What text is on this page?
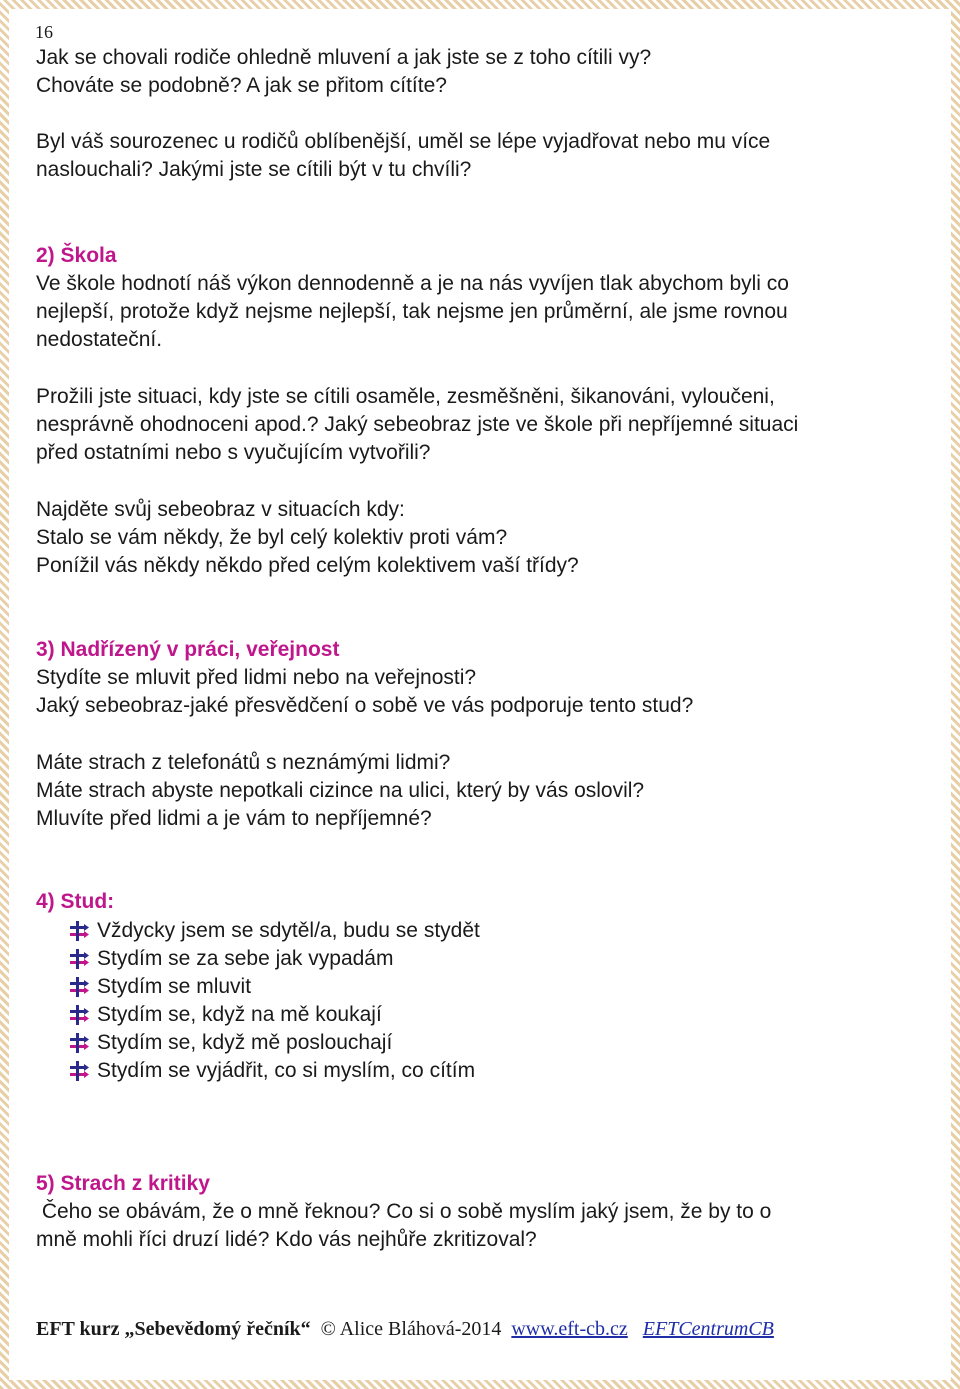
16
Jak se chovali rodiče ohledně mluvení a jak jste se z toho cítili vy?
Chováte se podobně? A jak se přitom cítíte?
Byl váš sourozenec u rodičů oblíbenější, uměl se lépe vyjadřovat nebo mu více
naslouchali? Jakými jste se cítili být v tu chvíli?
2) Škola
Ve škole hodnotí náš výkon dennodenně a je na nás vyvíjen tlak abychom byli co
nejlepší, protože když nejsme nejlepší, tak nejsme jen průměrní, ale jsme rovnou
nedostateční.
Prožili jste situaci, kdy jste se cítili osaměle, zesměšněni, šikanováni, vyloučeni,
nesprávně ohodnoceni apod.? Jaký sebeobraz jste ve škole při nepříjemné situaci
před ostatními nebo s vyučujícím vytvořili?
Najděte svůj sebeobraz v situacích kdy:
Stalo se vám někdy, že byl celý kolektiv proti vám?
Ponížil vás někdy někdo před celým kolektivem vaší třídy?
3) Nadřízený v práci, veřejnost
Stydíte se mluvit před lidmi nebo na veřejnosti?
Jaký sebeobraz-jaké přesvědčení o sobě ve vás podporuje tento stud?
Máte strach z telefonátů s neznámými lidmi?
Máte strach abyste nepotkali cizince na ulici, který by vás oslovil?
Mluvíte před lidmi a je vám to nepříjemné?
4) Stud:
Vždycky jsem se sdytěl/a, budu se stydět
Stydím se za sebe jak vypadám
Stydím se mluvit
Stydím se, když na mě koukají
Stydím se, když mě poslouchají
Stydím se vyjádřit, co si myslím, co cítím
5) Strach z kritiky
Čeho se obávám, že o mně řeknou? Co si o sobě myslím jaký jsem, že by to o
mně mohli říci druzí lidé? Kdo vás nejhůře zkritizoval?
EFT kurz „Sebevědomý řečník“  © Alice Bláhová-2014  www.eft-cb.cz EFTCentrumCB
